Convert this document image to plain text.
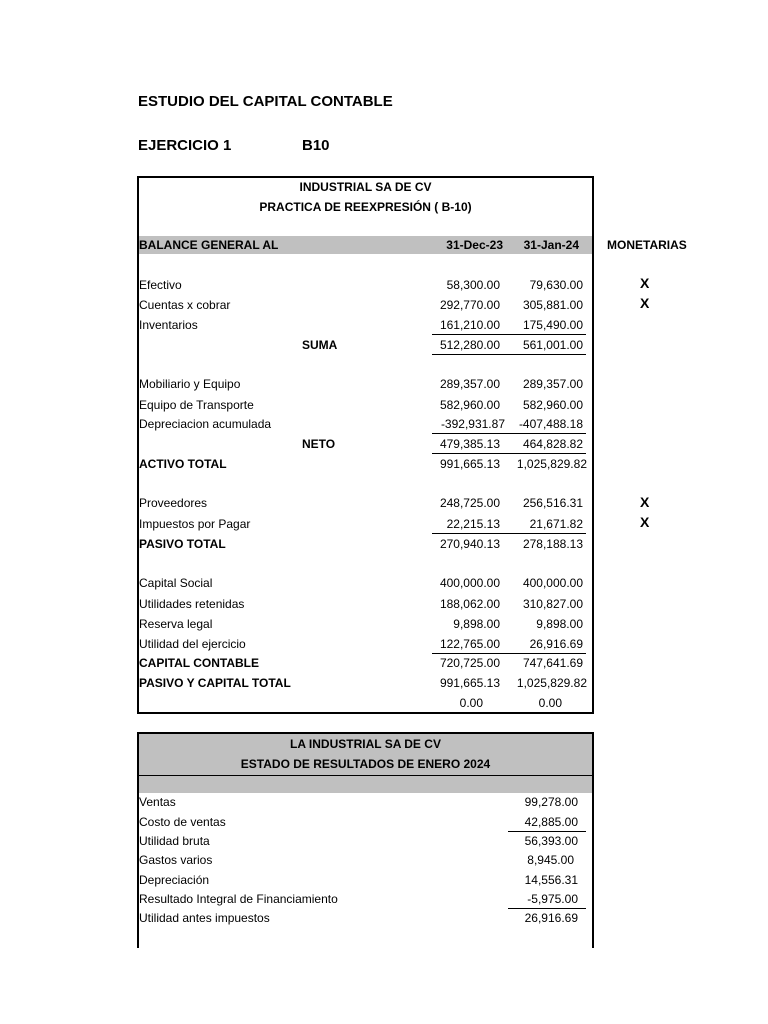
ESTUDIO DEL CAPITAL CONTABLE
EJERCICIO 1	B10
INDUSTRIAL SA DE CV
PRACTICA DE REEXPRESIÓN ( B-10)
BALANCE GENERAL AL	31-Dec-23	31-Jan-24 MONETARIAS
Efectivo	58,300.00	79,630.00	X
Cuentas x cobrar	292,770.00	305,881.00	X
Inventarios	161,210.00	175,490.00
SUMA	512,280.00	561,001.00
Mobiliario y Equipo	289,357.00	289,357.00
Equipo de Transporte	582,960.00	582,960.00
Depreciacion acumulada	-392,931.87	-407,488.18
NETO	479,385.13	464,828.82
ACTIVO TOTAL	991,665.13	1,025,829.82
Proveedores	248,725.00	256,516.31	X
Impuestos por Pagar	22,215.13	21,671.82	X
PASIVO TOTAL	270,940.13	278,188.13
Capital Social	400,000.00	400,000.00
Utilidades retenidas	188,062.00	310,827.00
Reserva legal	9,898.00	9,898.00
Utilidad del ejercicio	122,765.00	26,916.69
CAPITAL CONTABLE	720,725.00	747,641.69
PASIVO Y CAPITAL TOTAL	991,665.13	1,025,829.82
0.00	0.00
LA INDUSTRIAL SA DE CV
ESTADO DE RESULTADOS DE ENERO 2024
Ventas	99,278.00
Costo de ventas	42,885.00
Utilidad bruta	56,393.00
Gastos varios	8,945.00
Depreciación	14,556.31
Resultado Integral de Financiamiento	-5,975.00
Utilidad antes impuestos	26,916.69
